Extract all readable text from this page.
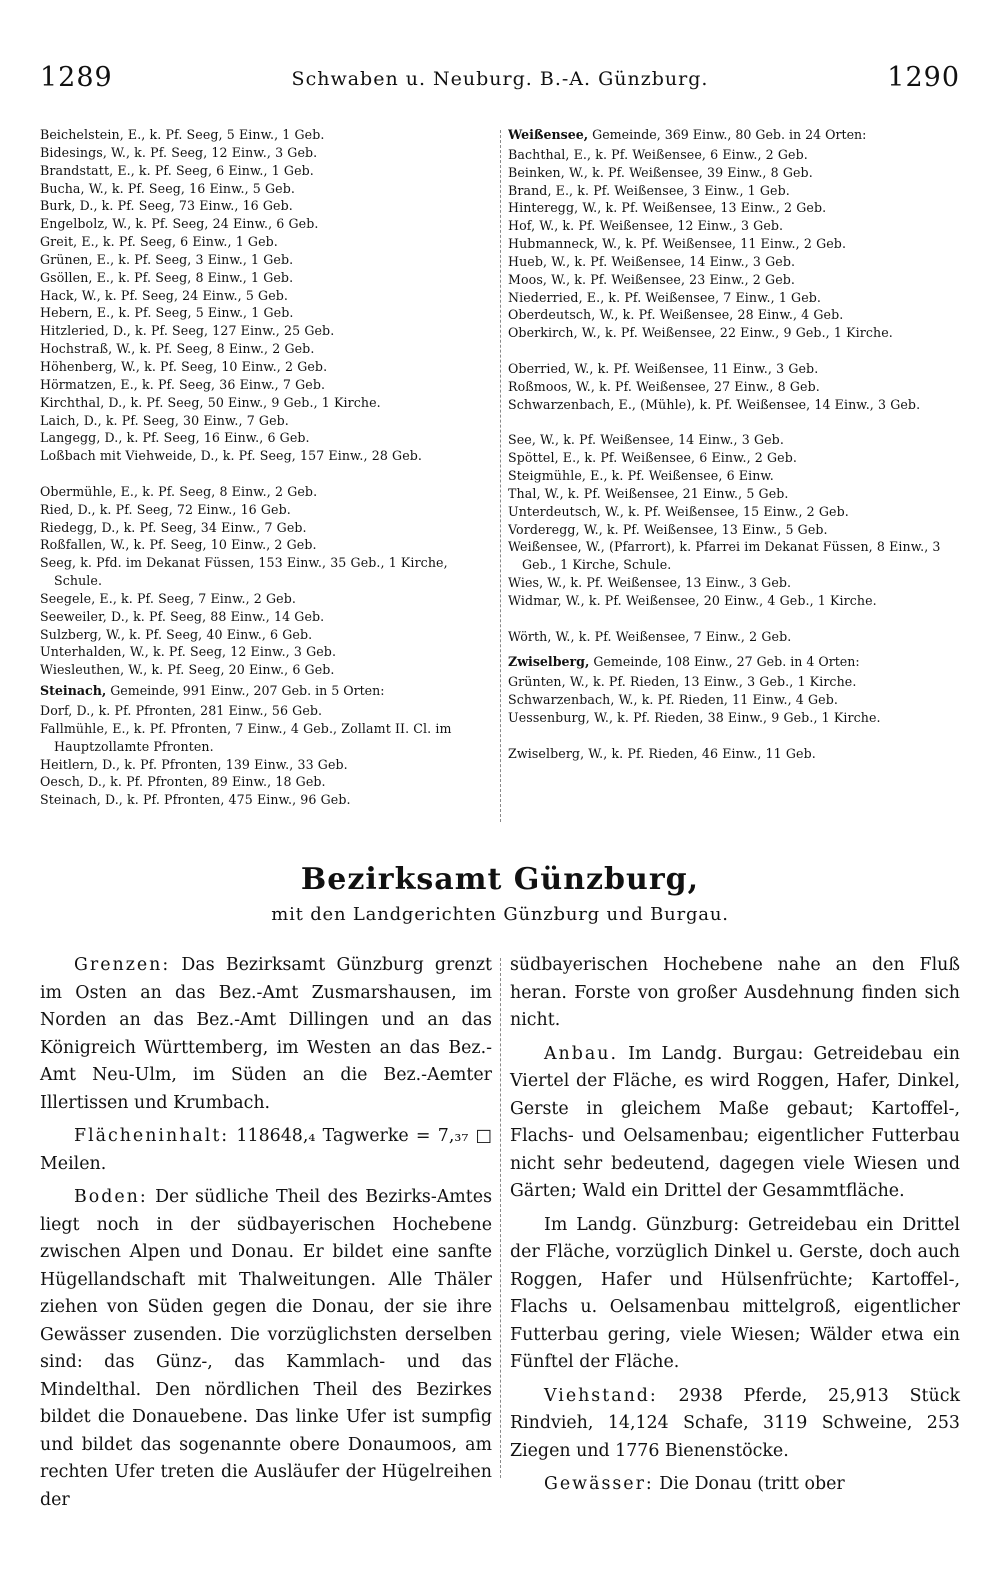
1289	Schwaben u. Neuburg. B.-A. Günzburg.	1290
Beichelstein, E., k. Pf. Seeg, 5 Einw., 1 Geb.
Bidesings, W., k. Pf. Seeg, 12 Einw., 3 Geb.
Brandstatt, E., k. Pf. Seeg, 6 Einw., 1 Geb.
Bucha, W., k. Pf. Seeg, 16 Einw., 5 Geb.
Burk, D., k. Pf. Seeg, 73 Einw., 16 Geb.
Engelbolz, W., k. Pf. Seeg, 24 Einw., 6 Geb.
Greit, E., k. Pf. Seeg, 6 Einw., 1 Geb.
Grünen, E., k. Pf. Seeg, 3 Einw., 1 Geb.
Gsöllen, E., k. Pf. Seeg, 8 Einw., 1 Geb.
Hack, W., k. Pf. Seeg, 24 Einw., 5 Geb.
Hebern, E., k. Pf. Seeg, 5 Einw., 1 Geb.
Hitzleried, D., k. Pf. Seeg, 127 Einw., 25 Geb.
Hochstraß, W., k. Pf. Seeg, 8 Einw., 2 Geb.
Höhenberg, W., k. Pf. Seeg, 10 Einw., 2 Geb.
Hörmatzen, E., k. Pf. Seeg, 36 Einw., 7 Geb.
Kirchthal, D., k. Pf. Seeg, 50 Einw., 9 Geb., 1 Kirche.
Laich, D., k. Pf. Seeg, 30 Einw., 7 Geb.
Langegg, D., k. Pf. Seeg, 16 Einw., 6 Geb.
Loßbach mit Viehweide, D., k. Pf. Seeg, 157 Einw., 28 Geb.
Obermühle, E., k. Pf. Seeg, 8 Einw., 2 Geb.
Ried, D., k. Pf. Seeg, 72 Einw., 16 Geb.
Riedegg, D., k. Pf. Seeg, 34 Einw., 7 Geb.
Roßfallen, W., k. Pf. Seeg, 10 Einw., 2 Geb.
Seeg, k. Pfd. im Dekanat Füssen, 153 Einw., 35 Geb., 1 Kirche, Schule.
Seegele, E., k. Pf. Seeg, 7 Einw., 2 Geb.
Seeweiler, D., k. Pf. Seeg, 88 Einw., 14 Geb.
Sulzberg, W., k. Pf. Seeg, 40 Einw., 6 Geb.
Unterhalden, W., k. Pf. Seeg, 12 Einw., 3 Geb.
Wiesleuthen, W., k. Pf. Seeg, 20 Einw., 6 Geb.
Steinach, Gemeinde, 991 Einw., 207 Geb. in 5 Orten:
Dorf, D., k. Pf. Pfronten, 281 Einw., 56 Geb.
Fallmühle, E., k. Pf. Pfronten, 7 Einw., 4 Geb., Zollamt II. Cl. im Hauptzollamte Pfronten.
Heitlern, D., k. Pf. Pfronten, 139 Einw., 33 Geb.
Oesch, D., k. Pf. Pfronten, 89 Einw., 18 Geb.
Steinach, D., k. Pf. Pfronten, 475 Einw., 96 Geb.
Weißensee, Gemeinde, 369 Einw., 80 Geb. in 24 Orten:
Bachthal, E., k. Pf. Weißensee, 6 Einw., 2 Geb.
Beinken, W., k. Pf. Weißensee, 39 Einw., 8 Geb.
Brand, E., k. Pf. Weißensee, 3 Einw., 1 Geb.
Hinteregg, W., k. Pf. Weißensee, 13 Einw., 2 Geb.
Hof, W., k. Pf. Weißensee, 12 Einw., 3 Geb.
Hubmanneck, W., k. Pf. Weißensee, 11 Einw., 2 Geb.
Hueb, W., k. Pf. Weißensee, 14 Einw., 3 Geb.
Moos, W., k. Pf. Weißensee, 23 Einw., 2 Geb.
Niederried, E., k. Pf. Weißensee, 7 Einw., 1 Geb.
Oberdeutsch, W., k. Pf. Weißensee, 28 Einw., 4 Geb.
Oberkirch, W., k. Pf. Weißensee, 22 Einw., 9 Geb., 1 Kirche.
Oberried, W., k. Pf. Weißensee, 11 Einw., 3 Geb.
Roßmoos, W., k. Pf. Weißensee, 27 Einw., 8 Geb.
Schwarzenbach, E., (Mühle), k. Pf. Weißensee, 14 Einw., 3 Geb.
See, W., k. Pf. Weißensee, 14 Einw., 3 Geb.
Spöttel, E., k. Pf. Weißensee, 6 Einw., 2 Geb.
Steigmühle, E., k. Pf. Weißensee, 6 Einw.
Thal, W., k. Pf. Weißensee, 21 Einw., 5 Geb.
Unterdeutsch, W., k. Pf. Weißensee, 15 Einw., 2 Geb.
Vorderegg, W., k. Pf. Weißensee, 13 Einw., 5 Geb.
Weißensee, W., (Pfarrort), k. Pfarrei im Dekanat Füssen, 8 Einw., 3 Geb., 1 Kirche, Schule.
Wies, W., k. Pf. Weißensee, 13 Einw., 3 Geb.
Widmar, W., k. Pf. Weißensee, 20 Einw., 4 Geb., 1 Kirche.
Wörth, W., k. Pf. Weißensee, 7 Einw., 2 Geb.
Zwiselberg, Gemeinde, 108 Einw., 27 Geb. in 4 Orten:
Grünten, W., k. Pf. Rieden, 13 Einw., 3 Geb., 1 Kirche.
Schwarzenbach, W., k. Pf. Rieden, 11 Einw., 4 Geb.
Uessenburg, W., k. Pf. Rieden, 38 Einw., 9 Geb., 1 Kirche.
Zwiselberg, W., k. Pf. Rieden, 46 Einw., 11 Geb.
Bezirksamt Günzburg,
mit den Landgerichten Günzburg und Burgau.

Grenzen: Das Bezirksamt Günzburg grenzt im Osten an das Bez.-Amt Zusmarshausen, im Norden an das Bez.-Amt Dillingen und an das Königreich Württemberg, im Westen an das Bez.-Amt Neu-Ulm, im Süden an die Bez.-Aemter Illertissen und Krumbach.

Flächeninhalt: 118648,₄ Tagwerke = 7,₃₇ □ Meilen.

Boden: Der südliche Theil des Bezirks-Amtes liegt noch in der südbayerischen Hochebene zwischen Alpen und Donau. Er bildet eine sanfte Hügellandschaft mit Thalweitungen. Alle Thäler ziehen von Süden gegen die Donau, der sie ihre Gewässer zusenden. Die vorzüglichsten derselben sind: das Günz-, das Kammlach- und das Mindelthal. Den nördlichen Theil des Bezirkes bildet die Donauebene. Das linke Ufer ist sumpfig und bildet das sogenannte obere Donaumoos, am rechten Ufer treten die Ausläufer der Hügelreihen der

südbayerischen Hochebene nahe an den Fluß heran. Forste von großer Ausdehnung finden sich nicht.

Anbau. Im Landg. Burgau: Getreidebau ein Viertel der Fläche, es wird Roggen, Hafer, Dinkel, Gerste in gleichem Maße gebaut; Kartoffel-, Flachs- und Oelsamenbau; eigentlicher Futterbau nicht sehr bedeutend, dagegen viele Wiesen und Gärten; Wald ein Drittel der Gesammtfläche.

Im Landg. Günzburg: Getreidebau ein Drittel der Fläche, vorzüglich Dinkel u. Gerste, doch auch Roggen, Hafer und Hülsenfrüchte; Kartoffel-, Flachs u. Oelsamenbau mittelgroß, eigentlicher Futterbau gering, viele Wiesen; Wälder etwa ein Fünftel der Fläche.

Viehstand: 2938 Pferde, 25,913 Stück Rindvieh, 14,124 Schafe, 3119 Schweine, 253 Ziegen und 1776 Bienenstöcke.

Gewässer: Die Donau (tritt ober
